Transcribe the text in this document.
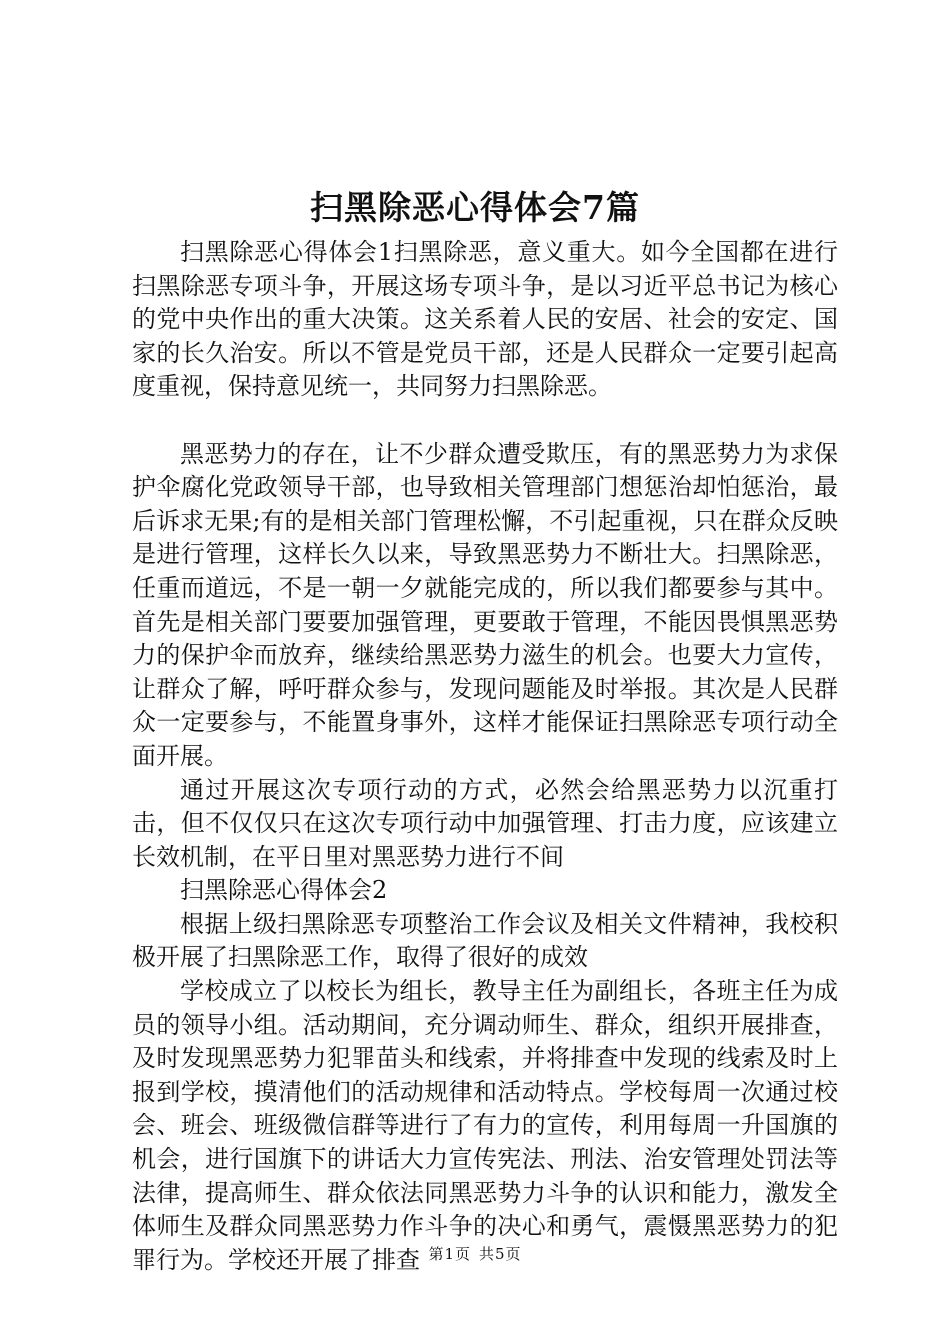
扫黑除恶心得体会7篇

扫黑除恶心得体会1扫黑除恶，意义重大。如今全国都在进行扫黑除恶专项斗争，开展这场专项斗争，是以习近平总书记为核心的党中央作出的重大决策。这关系着人民的安居、社会的安定、国家的长久治安。所以不管是党员干部，还是人民群众一定要引起高度重视，保持意见统一，共同努力扫黑除恶。

黑恶势力的存在，让不少群众遭受欺压，有的黑恶势力为求保护伞腐化党政领导干部，也导致相关管理部门想惩治却怕惩治，最后诉求无果;有的是相关部门管理松懈，不引起重视，只在群众反映是进行管理，这样长久以来，导致黑恶势力不断壮大。扫黑除恶，任重而道远，不是一朝一夕就能完成的，所以我们都要参与其中。首先是相关部门要要加强管理，更要敢于管理，不能因畏惧黑恶势力的保护伞而放弃，继续给黑恶势力滋生的机会。也要大力宣传，让群众了解，呼吁群众参与，发现问题能及时举报。其次是人民群众一定要参与，不能置身事外，这样才能保证扫黑除恶专项行动全面开展。

通过开展这次专项行动的方式，必然会给黑恶势力以沉重打击，但不仅仅只在这次专项行动中加强管理、打击力度，应该建立长效机制，在平日里对黑恶势力进行不间

扫黑除恶心得体会2

根据上级扫黑除恶专项整治工作会议及相关文件精神，我校积极开展了扫黑除恶工作，取得了很好的成效

学校成立了以校长为组长，教导主任为副组长，各班主任为成员的领导小组。活动期间，充分调动师生、群众，组织开展排查，及时发现黑恶势力犯罪苗头和线索，并将排查中发现的线索及时上报到学校，摸清他们的活动规律和活动特点。学校每周一次通过校会、班会、班级微信群等进行了有力的宣传，利用每周一升国旗的机会，进行国旗下的讲话大力宣传宪法、刑法、治安管理处罚法等法律，提高师生、群众依法同黑恶势力斗争的认识和能力，激发全体师生及群众同黑恶势力作斗争的决心和勇气，震慑黑恶势力的犯罪行为。学校还开展了排查 第1页 共5页
